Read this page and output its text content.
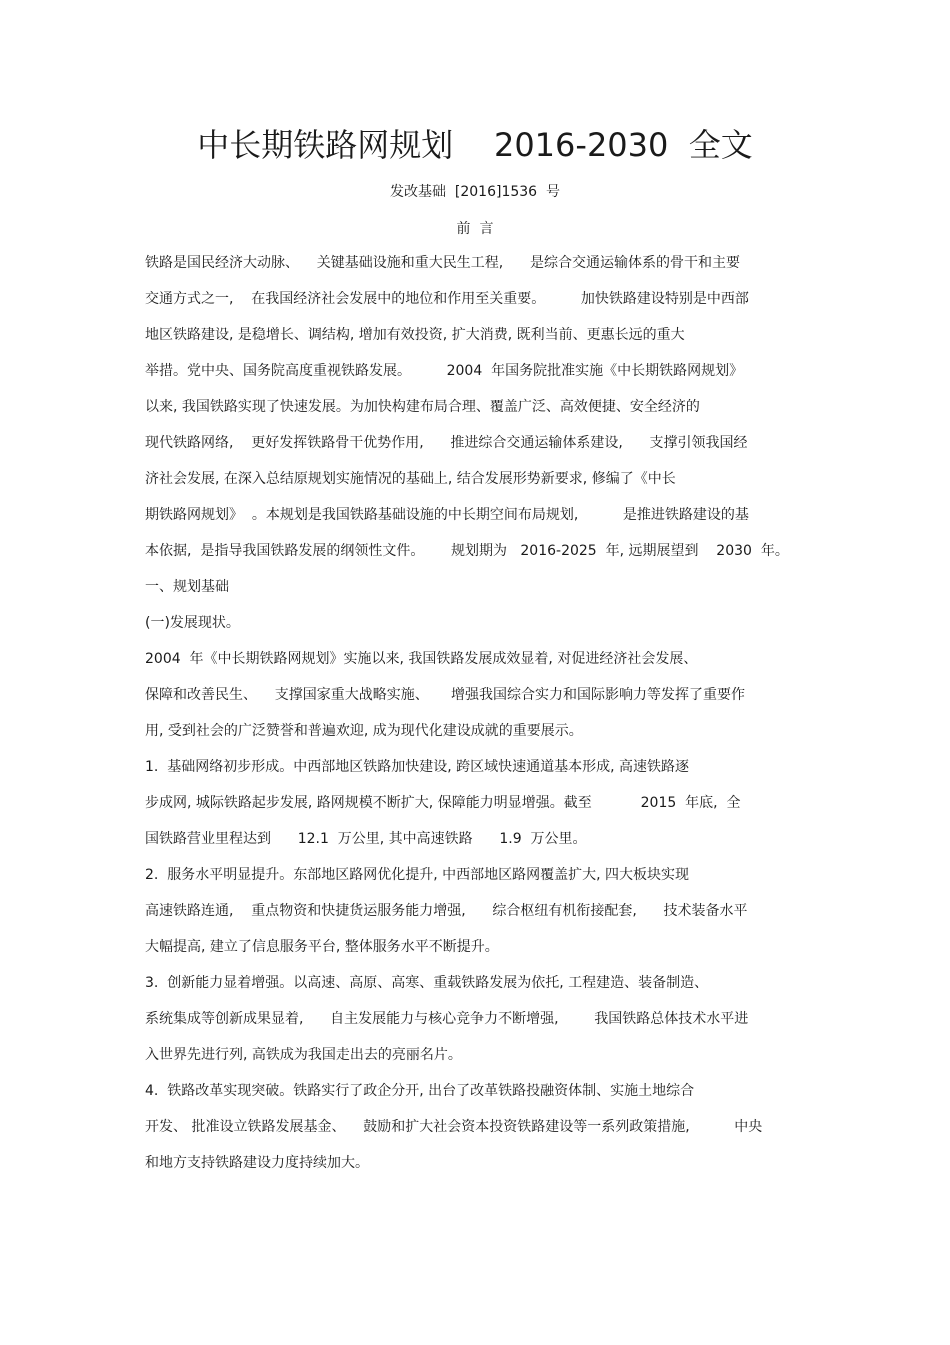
中长期铁路网规划    2016-2030  全文
发改基础  [2016]1536  号
前  言
铁路是国民经济大动脉、    关键基础设施和重大民生工程,      是综合交通运输体系的骨干和主要
交通方式之一,    在我国经济社会发展中的地位和作用至关重要。        加快铁路建设特别是中西部
地区铁路建设, 是稳增长、调结构, 增加有效投资, 扩大消费, 既利当前、更惠长远的重大
举措。党中央、国务院高度重视铁路发展。        2004  年国务院批准实施《中长期铁路网规划》
以来, 我国铁路实现了快速发展。为加快构建布局合理、覆盖广泛、高效便捷、安全经济的
现代铁路网络,    更好发挥铁路骨干优势作用,      推进综合交通运输体系建设,      支撑引领我国经
济社会发展, 在深入总结原规划实施情况的基础上, 结合发展形势新要求, 修编了《中长
期铁路网规划》  。本规划是我国铁路基础设施的中长期空间布局规划,          是推进铁路建设的基
本依据,  是指导我国铁路发展的纲领性文件。      规划期为   2016-2025  年, 远期展望到    2030  年。
一、规划基础
(一)发展现状。
2004  年《中长期铁路网规划》实施以来, 我国铁路发展成效显着, 对促进经济社会发展、
保障和改善民生、    支撑国家重大战略实施、     增强我国综合实力和国际影响力等发挥了重要作
用, 受到社会的广泛赞誉和普遍欢迎, 成为现代化建设成就的重要展示。
1.  基础网络初步形成。中西部地区铁路加快建设, 跨区域快速通道基本形成, 高速铁路逐
步成网, 城际铁路起步发展, 路网规模不断扩大, 保障能力明显增强。截至           2015  年底,  全
国铁路营业里程达到      12.1  万公里, 其中高速铁路      1.9  万公里。
2.  服务水平明显提升。东部地区路网优化提升, 中西部地区路网覆盖扩大, 四大板块实现
高速铁路连通,    重点物资和快捷货运服务能力增强,      综合枢纽有机衔接配套,      技术装备水平
大幅提高, 建立了信息服务平台, 整体服务水平不断提升。
3.  创新能力显着增强。以高速、高原、高寒、重载铁路发展为依托, 工程建造、装备制造、
系统集成等创新成果显着,      自主发展能力与核心竞争力不断增强,        我国铁路总体技术水平进
入世界先进行列, 高铁成为我国走出去的亮丽名片。
4.  铁路改革实现突破。铁路实行了政企分开, 出台了改革铁路投融资体制、实施土地综合
开发、 批准设立铁路发展基金、    鼓励和扩大社会资本投资铁路建设等一系列政策措施,          中央
和地方支持铁路建设力度持续加大。
